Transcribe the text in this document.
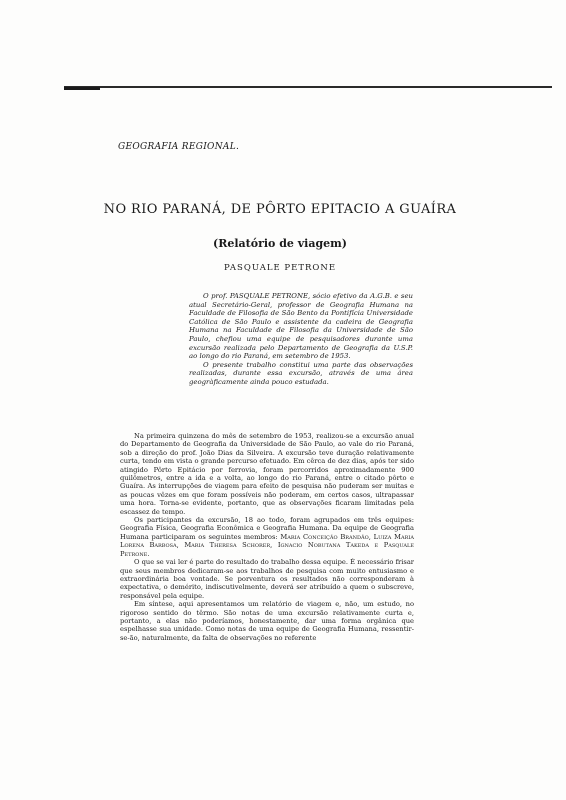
GEOGRAFIA REGIONAL.
NO RIO PARANÁ, DE PÔRTO EPITACIO A GUAÍRA
(Relatório de viagem)
PASQUALE PETRONE

O prof. PASQUALE PETRONE, sócio efetivo da A.G.B. e seu atual Secretário-Geral, professor de Geografia Humana na Faculdade de Filosofia de São Bento da Pontifícia Universidade Católica de São Paulo e assistente da cadeira de Geografia Humana na Faculdade de Filosofia da Universidade de São Paulo, chefiou uma equipe de pesquisadores durante uma excursão realizada pelo Departamento de Geografia da U.S.P. ao longo do rio Paraná, em setembro de 1953.

O presente trabalho constitui uma parte das observações realizadas, durante essa excursão, através de uma área geogràficamente ainda pouco estudada.

Na primeira quinzena do mês de setembro de 1953, realizou-se a excursão anual do Departamento de Geografia da Universidade de São Paulo, ao vale do rio Paraná, sob a direção do prof. João Dias da Silveira. A excursão teve duração relativamente curta, tendo em vista o grande percurso efetuado. Em cêrca de dez dias, após ter sido atingido Pôrto Epitácio por ferrovia, foram percorridos aproximadamente 900 quilômetros, entre a ida e a volta, ao longo do rio Paraná, entre o citado pôrto e Guaíra. As interrupções de viagem para efeito de pesquisa não puderam ser muitas e as poucas vêzes em que foram possíveis não poderam, em certos casos, ultrapassar uma hora. Torna-se evidente, portanto, que as observações ficaram limitadas pela escassez de tempo.

Os participantes da excursão, 18 ao todo, foram agrupados em três equipes: Geografia Física, Geografia Econômica e Geografia Humana. Da equipe de Geografia Humana participaram os seguintes membros: Maria Conceição Brandão, Luiza Maria Lorena Barbosa, Maria Theresa Schorer, Ignacio Nobutana Takeda e Pasquale Petrone.

O que se vai ler é parte do resultado do trabalho dessa equipe. É necessário frisar que seus membros dedicaram-se aos trabalhos de pesquisa com muito entusiasmo e extraordinária boa vontade. Se porventura os resultados não corresponderam à expectativa, o demérito, indiscutivelmente, deverá ser atribuído a quem o subscreve, responsável pela equipe.

Em síntese, aqui apresentamos um relatório de viagem e, não, um estudo, no rigoroso sentido do têrmo. São notas de uma excursão relativamente curta e, portanto, a elas não poderíamos, honestamente, dar uma forma orgânica que espelhasse sua unidade. Como notas de uma equipe de Geografia Humana, ressentir-se-ão, naturalmente, da falta de observações no referente
